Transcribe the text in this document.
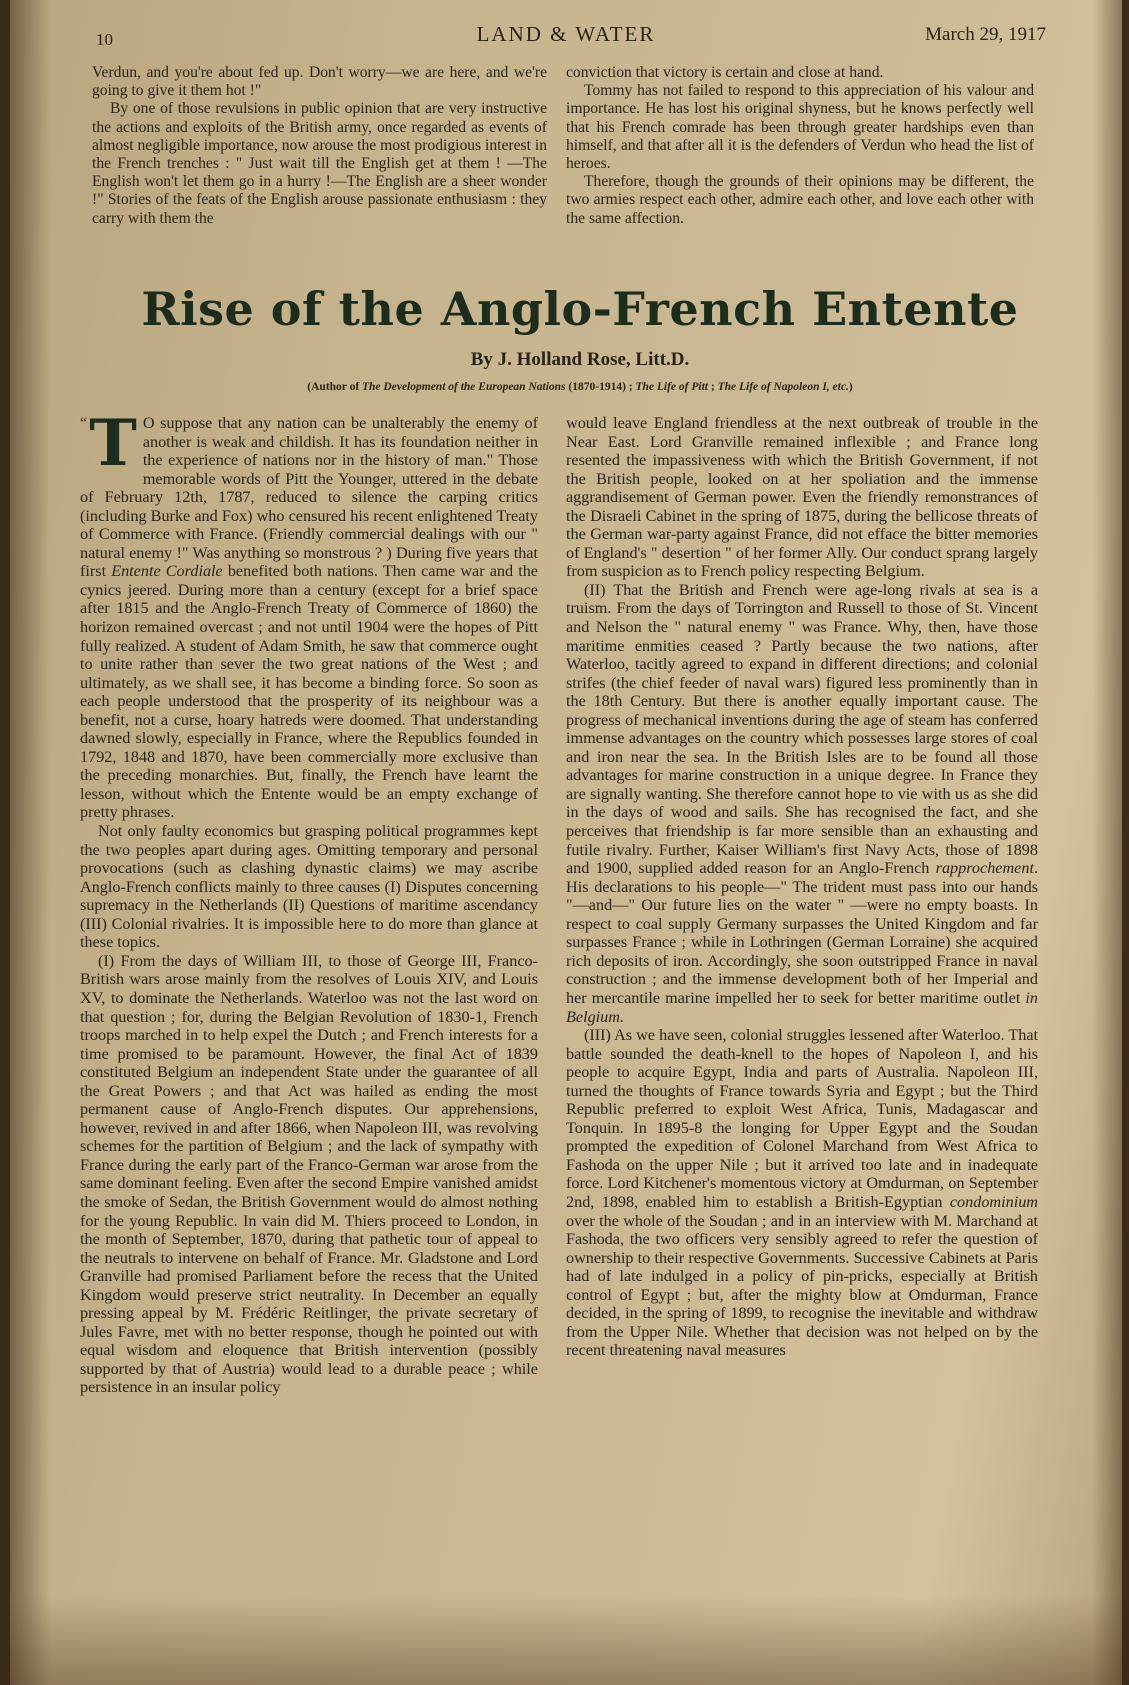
10	LAND & WATER	March 29, 1917

Verdun, and you're about fed up. Don't worry—we are here, and we're going to give it them hot !"

By one of those revulsions in public opinion that are very instructive the actions and exploits of the British army, once regarded as events of almost negligible importance, now arouse the most prodigious interest in the French trenches : " Just wait till the English get at them ! —The English won't let them go in a hurry !—The English are a sheer wonder !" Stories of the feats of the English arouse passionate enthusiasm : they carry with them the

conviction that victory is certain and close at hand.

Tommy has not failed to respond to this appreciation of his valour and importance. He has lost his original shyness, but he knows perfectly well that his French comrade has been through greater hardships even than himself, and that after all it is the defenders of Verdun who head the list of heroes.

Therefore, though the grounds of their opinions may be different, the two armies respect each other, admire each other, and love each other with the same affection.

Rise of the Anglo-French Entente
By J. Holland Rose, Litt.D.
(Author of The Development of the European Nations (1870-1914) ; The Life of Pitt ; The Life of Napoleon I, etc.)

“ T O suppose that any nation can be unalterably the enemy of another is weak and childish. It has its foundation neither in the experience of nations nor in the history of man." Those memorable words of Pitt the Younger, uttered in the debate of February 12th, 1787, reduced to silence the carping critics (including Burke and Fox) who censured his recent enlightened Treaty of Commerce with France. (Friendly commercial dealings with our " natural enemy !" Was anything so monstrous ? ) During five years that first Entente Cordiale benefited both nations. Then came war and the cynics jeered. During more than a century (except for a brief space after 1815 and the Anglo-French Treaty of Commerce of 1860) the horizon remained overcast ; and not until 1904 were the hopes of Pitt fully realized. A student of Adam Smith, he saw that commerce ought to unite rather than sever the two great nations of the West ; and ultimately, as we shall see, it has become a binding force. So soon as each people understood that the prosperity of its neighbour was a benefit, not a curse, hoary hatreds were doomed. That understanding dawned slowly, especially in France, where the Republics founded in 1792, 1848 and 1870, have been commercially more exclusive than the preceding monarchies. But, finally, the French have learnt the lesson, without which the Entente would be an empty exchange of pretty phrases.

Not only faulty economics but grasping political programmes kept the two peoples apart during ages. Omitting temporary and personal provocations (such as clashing dynastic claims) we may ascribe Anglo-French conflicts mainly to three causes (I) Disputes concerning supremacy in the Netherlands (II) Questions of maritime ascendancy (III) Colonial rivalries. It is impossible here to do more than glance at these topics.

(I) From the days of William III, to those of George III, Franco-British wars arose mainly from the resolves of Louis XIV, and Louis XV, to dominate the Netherlands. Waterloo was not the last word on that question ; for, during the Belgian Revolution of 1830-1, French troops marched in to help expel the Dutch ; and French interests for a time promised to be paramount. However, the final Act of 1839 constituted Belgium an independent State under the guarantee of all the Great Powers ; and that Act was hailed as ending the most permanent cause of Anglo-French disputes. Our apprehensions, however, revived in and after 1866, when Napoleon III, was revolving schemes for the partition of Belgium ; and the lack of sympathy with France during the early part of the Franco-German war arose from the same dominant feeling. Even after the second Empire vanished amidst the smoke of Sedan, the British Government would do almost nothing for the young Republic. In vain did M. Thiers proceed to London, in the month of September, 1870, during that pathetic tour of appeal to the neutrals to intervene on behalf of France. Mr. Gladstone and Lord Granville had promised Parliament before the recess that the United Kingdom would preserve strict neutrality. In December an equally pressing appeal by M. Frédéric Reitlinger, the private secretary of Jules Favre, met with no better response, though he pointed out with equal wisdom and eloquence that British intervention (possibly supported by that of Austria) would lead to a durable peace ; while persistence in an insular policy

would leave England friendless at the next outbreak of trouble in the Near East. Lord Granville remained inflexible ; and France long resented the impassiveness with which the British Government, if not the British people, looked on at her spoliation and the immense aggrandisement of German power. Even the friendly remonstrances of the Disraeli Cabinet in the spring of 1875, during the bellicose threats of the German war-party against France, did not efface the bitter memories of England's " desertion " of her former Ally. Our conduct sprang largely from suspicion as to French policy respecting Belgium.

(II) That the British and French were age-long rivals at sea is a truism. From the days of Torrington and Russell to those of St. Vincent and Nelson the " natural enemy " was France. Why, then, have those maritime enmities ceased ? Partly because the two nations, after Waterloo, tacitly agreed to expand in different directions; and colonial strifes (the chief feeder of naval wars) figured less prominently than in the 18th Century. But there is another equally important cause. The progress of mechanical inventions during the age of steam has conferred immense advantages on the country which possesses large stores of coal and iron near the sea. In the British Isles are to be found all those advantages for marine construction in a unique degree. In France they are signally wanting. She therefore cannot hope to vie with us as she did in the days of wood and sails. She has recognised the fact, and she perceives that friendship is far more sensible than an exhausting and futile rivalry. Further, Kaiser William's first Navy Acts, those of 1898 and 1900, supplied added reason for an Anglo-French rapprochement. His declarations to his people—" The trident must pass into our hands "—and—" Our future lies on the water " —were no empty boasts. In respect to coal supply Germany surpasses the United Kingdom and far surpasses France ; while in Lothringen (German Lorraine) she acquired rich deposits of iron. Accordingly, she soon outstripped France in naval construction ; and the immense development both of her Imperial and her mercantile marine impelled her to seek for better maritime outlet in Belgium.

(III) As we have seen, colonial struggles lessened after Waterloo. That battle sounded the death-knell to the hopes of Napoleon I, and his people to acquire Egypt, India and parts of Australia. Napoleon III, turned the thoughts of France towards Syria and Egypt ; but the Third Republic preferred to exploit West Africa, Tunis, Madagascar and Tonquin. In 1895-8 the longing for Upper Egypt and the Soudan prompted the expedition of Colonel Marchand from West Africa to Fashoda on the upper Nile ; but it arrived too late and in inadequate force. Lord Kitchener's momentous victory at Omdurman, on September 2nd, 1898, enabled him to establish a British-Egyptian condominium over the whole of the Soudan ; and in an interview with M. Marchand at Fashoda, the two officers very sensibly agreed to refer the question of ownership to their respective Governments. Successive Cabinets at Paris had of late indulged in a policy of pin-pricks, especially at British control of Egypt ; but, after the mighty blow at Omdurman, France decided, in the spring of 1899, to recognise the inevitable and withdraw from the Upper Nile. Whether that decision was not helped on by the recent threatening naval measures
